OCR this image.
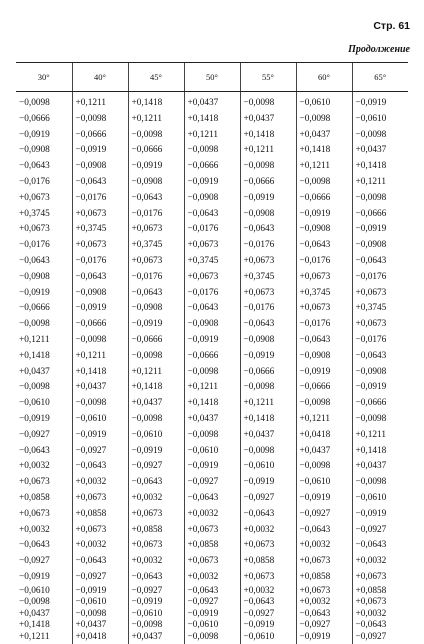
Стр. 61
Продолжение
30°	40°	45°	50°	55°	60°	65°
−0,0098	+0,1211	+0,1418	+0,0437	−0,0098	−0,0610	−0,0919
−0,0666	−0,0098	+0,1211	+0,1418	+0,0437	−0,0098	−0,0610
−0,0919	−0,0666	−0,0098	+0,1211	+0,1418	+0,0437	−0,0098
−0,0908	−0,0919	−0,0666	−0,0098	+0,1211	+0,1418	+0,0437
−0,0643	−0,0908	−0,0919	−0,0666	−0,0098	+0,1211	+0,1418
−0,0176	−0,0643	−0,0908	−0,0919	−0,0666	−0,0098	+0,1211
+0,0673	−0,0176	−0,0643	−0,0908	−0,0919	−0,0666	−0,0098
+0,3745	+0,0673	−0,0176	−0,0643	−0,0908	−0,0919	−0,0666
+0,0673	+0,3745	+0,0673	−0,0176	−0,0643	−0,0908	−0,0919
−0,0176	+0,0673	+0,3745	+0,0673	−0,0176	−0,0643	−0,0908
−0,0643	−0,0176	+0,0673	+0,3745	+0,0673	−0,0176	−0,0643
−0,0908	−0,0643	−0,0176	+0,0673	+0,3745	+0,0673	−0,0176
−0,0919	−0,0908	−0,0643	−0,0176	+0,0673	+0,3745	+0,0673
−0,0666	−0,0919	−0,0908	−0,0643	−0,0176	+0,0673	+0,3745
−0,0098	−0,0666	−0,0919	−0,0908	−0,0643	−0,0176	+0,0673
+0,1211	−0,0098	−0,0666	−0,0919	−0,0908	−0,0643	−0,0176
+0,1418	+0,1211	−0,0098	−0,0666	−0,0919	−0,0908	−0,0643
+0,0437	+0,1418	+0,1211	−0,0098	−0,0666	−0,0919	−0,0908
−0,0098	+0,0437	+0,1418	+0,1211	−0,0098	−0,0666	−0,0919
−0,0610	−0,0098	+0,0437	+0,1418	+0,1211	−0,0098	−0,0666
−0,0919	−0,0610	−0,0098	+0,0437	+0,1418	+0,1211	−0,0098
−0,0927	−0,0919	−0,0610	−0,0098	+0,0437	+0,0418	+0,1211
−0,0643	−0,0927	−0,0919	−0,0610	−0,0098	+0,0437	+0,1418
+0,0032	−0,0643	−0,0927	−0,0919	−0,0610	−0,0098	+0,0437
+0,0673	+0,0032	−0,0643	−0,0927	−0,0919	−0,0610	−0,0098
+0,0858	+0,0673	+0,0032	−0,0643	−0,0927	−0,0919	−0,0610
+0,0673	+0,0858	+0,0673	+0,0032	−0,0643	−0,0927	−0,0919
+0,0032	+0,0673	+0,0858	+0,0673	+0,0032	−0,0643	−0,0927
−0,0643	+0,0032	+0,0673	+0,0858	+0,0673	+0,0032	−0,0643
−0,0927	−0,0643	+0,0032	+0,0673	+0,0858	+0,0673	+0,0032
−0,0919	−0,0927	−0,0643	+0,0032	+0,0673	+0,0858	+0,0673
−0,0610	−0,0919	−0,0927	−0,0643	+0,0032	+0,0673	+0,0858
−0,0098	−0,0610	−0,0919	−0,0927	−0,0643	+0,0032	+0,0673
+0,0437	−0,0098	−0,0610	−0,0919	−0,0927	−0,0643	+0,0032
+0,1418	+0,0437	−0,0098	−0,0610	−0,0919	−0,0927	−0,0643
+0,1211	+0,0418	+0,0437	−0,0098	−0,0610	−0,0919	−0,0927
